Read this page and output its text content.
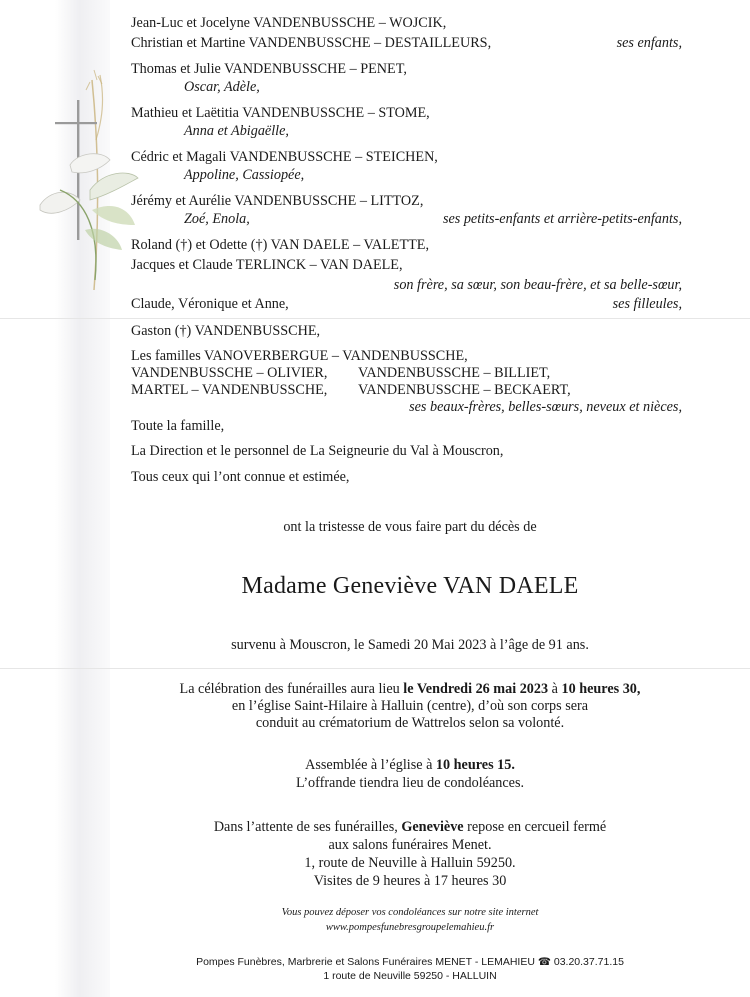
Jean-Luc et Jocelyne VANDENBUSSCHE – WOJCIK,
Christian et Martine VANDENBUSSCHE – DESTAILLEURS,	ses enfants,
Thomas et Julie VANDENBUSSCHE – PENET,
Oscar, Adèle,
Mathieu et Laëtitia VANDENBUSSCHE – STOME,
Anna et Abigaëlle,
Cédric et Magali VANDENBUSSCHE – STEICHEN,
Appoline, Cassiopée,
Jérémy et Aurélie VANDENBUSSCHE – LITTOZ,
Zoé, Enola,	ses petits-enfants et arrière-petits-enfants,
Roland (†) et Odette (†) VAN DAELE – VALETTE,
Jacques et Claude TERLINCK – VAN DAELE,
son frère, sa sœur, son beau-frère, et sa belle-sœur,
Claude, Véronique et Anne,	ses filleules,
Gaston (†) VANDENBUSSCHE,
Les familles VANOVERBERGUE – VANDENBUSSCHE,
VANDENBUSSCHE – OLIVIER, VANDENBUSSCHE – BILLIET,
MARTEL – VANDENBUSSCHE, VANDENBUSSCHE – BECKAERT,
ses beaux-frères, belles-sœurs, neveux et nièces,
Toute la famille,
La Direction et le personnel de La Seigneurie du Val à Mouscron,
Tous ceux qui l’ont connue et estimée,
ont la tristesse de vous faire part du décès de
Madame Geneviève VAN DAELE
survenu à Mouscron, le Samedi 20 Mai 2023 à l’âge de 91 ans.
La célébration des funérailles aura lieu le Vendredi 26 mai 2023 à 10 heures 30,
en l’église Saint-Hilaire à Halluin (centre), d’où son corps sera
conduit au crématorium de Wattrelos selon sa volonté.
Assemblée à l’église à 10 heures 15.
L’offrande tiendra lieu de condoléances.
Dans l’attente de ses funérailles, Geneviève repose en cercueil fermé
aux salons funéraires Menet.
1, route de Neuville à Halluin 59250.
Visites de 9 heures à 17 heures 30
Vous pouvez déposer vos condoléances sur notre site internet
www.pompesfunebresgroupelemahieu.fr
Pompes Funèbres, Marbrerie et Salons Funéraires MENET - LEMAHIEU ☎ 03.20.37.71.15
1 route de Neuville 59250 - HALLUIN
